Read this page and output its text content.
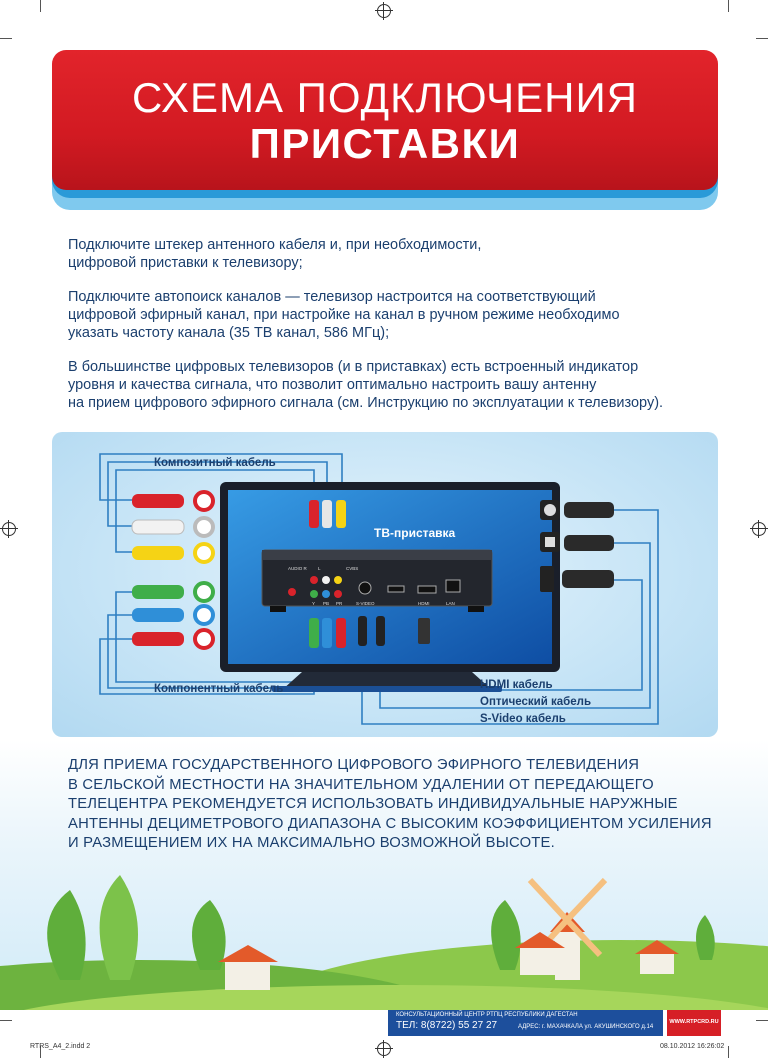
СХЕМА ПОДКЛЮЧЕНИЯ
ПРИСТАВКИ
Подключите штекер антенного кабеля и, при необходимости,
цифровой приставки к телевизору;
Подключите автопоиск каналов — телевизор настроится на соответствующий
цифровой эфирный канал, при настройке на канал в ручном режиме необходимо
указать частоту канала (35 ТВ канал, 586 МГц);
В большинстве цифровых телевизоров (и в приставках) есть встроенный индикатор
уровня и качества сигнала, что позволит оптимально настроить вашу антенну
на прием цифрового эфирного сигнала (см. Инструкцию по эксплуатации к телевизору).
Композитный кабель
Компонентный кабель	HDMI кабель
Оптический кабель
S-Video кабель
ТВ-приставка
AUDIO R L	CVBS
Y PB PR	S-VIDEO	HDMI	LAN
ДЛЯ ПРИЕМА ГОСУДАРСТВЕННОГО ЦИФРОВОГО ЭФИРНОГО ТЕЛЕВИДЕНИЯ
В СЕЛЬСКОЙ МЕСТНОСТИ НА ЗНАЧИТЕЛЬНОМ УДАЛЕНИИ ОТ ПЕРЕДАЮЩЕГО
ТЕЛЕЦЕНТРА РЕКОМЕНДУЕТСЯ ИСПОЛЬЗОВАТЬ ИНДИВИДУАЛЬНЫЕ НАРУЖНЫЕ
АНТЕННЫ ДЕЦИМЕТРОВОГО ДИАПАЗОНА С ВЫСОКИМ КОЭФФИЦИЕНТОМ УСИЛЕНИЯ
И РАЗМЕЩЕНИЕМ ИХ НА МАКСИМАЛЬНО ВОЗМОЖНОЙ ВЫСОТЕ.
КОНСУЛЬТАЦИОННЫЙ ЦЕНТР РТПЦ РЕСПУБЛИКИ ДАГЕСТАН
ТЕЛ: 8(8722) 55 27 27	АДРЕС: г. МАХАЧКАЛА ул. АКУШИНСКОГО д.14
WWW.RTPCRD.RU
RTRS_A4_2.indd 2	08.10.2012 16:26:02
